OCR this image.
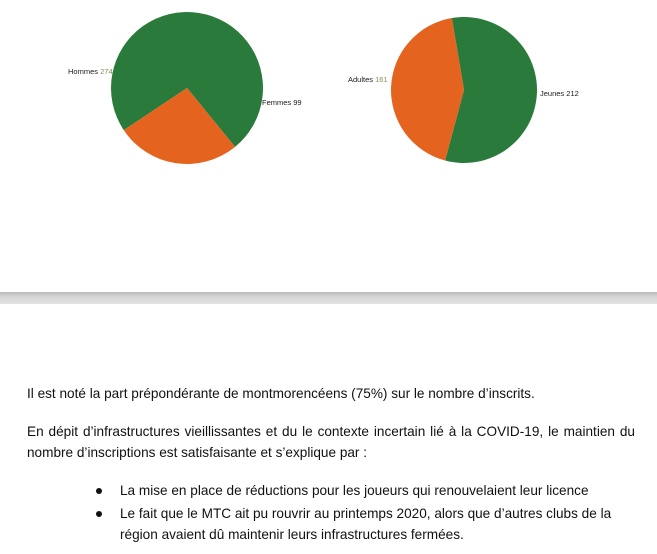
Hommes 274
Femmes 99
Adultes 161
Jeunes 212
Il est noté la part prépondérante de montmorencéens (75%) sur le nombre d’inscrits.
En dépit d’infrastructures vieillissantes et du le contexte incertain lié à la COVID-19, le maintien du nombre d’inscriptions est satisfaisante et s’explique par :
La mise en place de réductions pour les joueurs qui renouvelaient leur licence
Le fait que le MTC ait pu rouvrir au printemps 2020, alors que d’autres clubs de la région avaient dû maintenir leurs infrastructures fermées.
